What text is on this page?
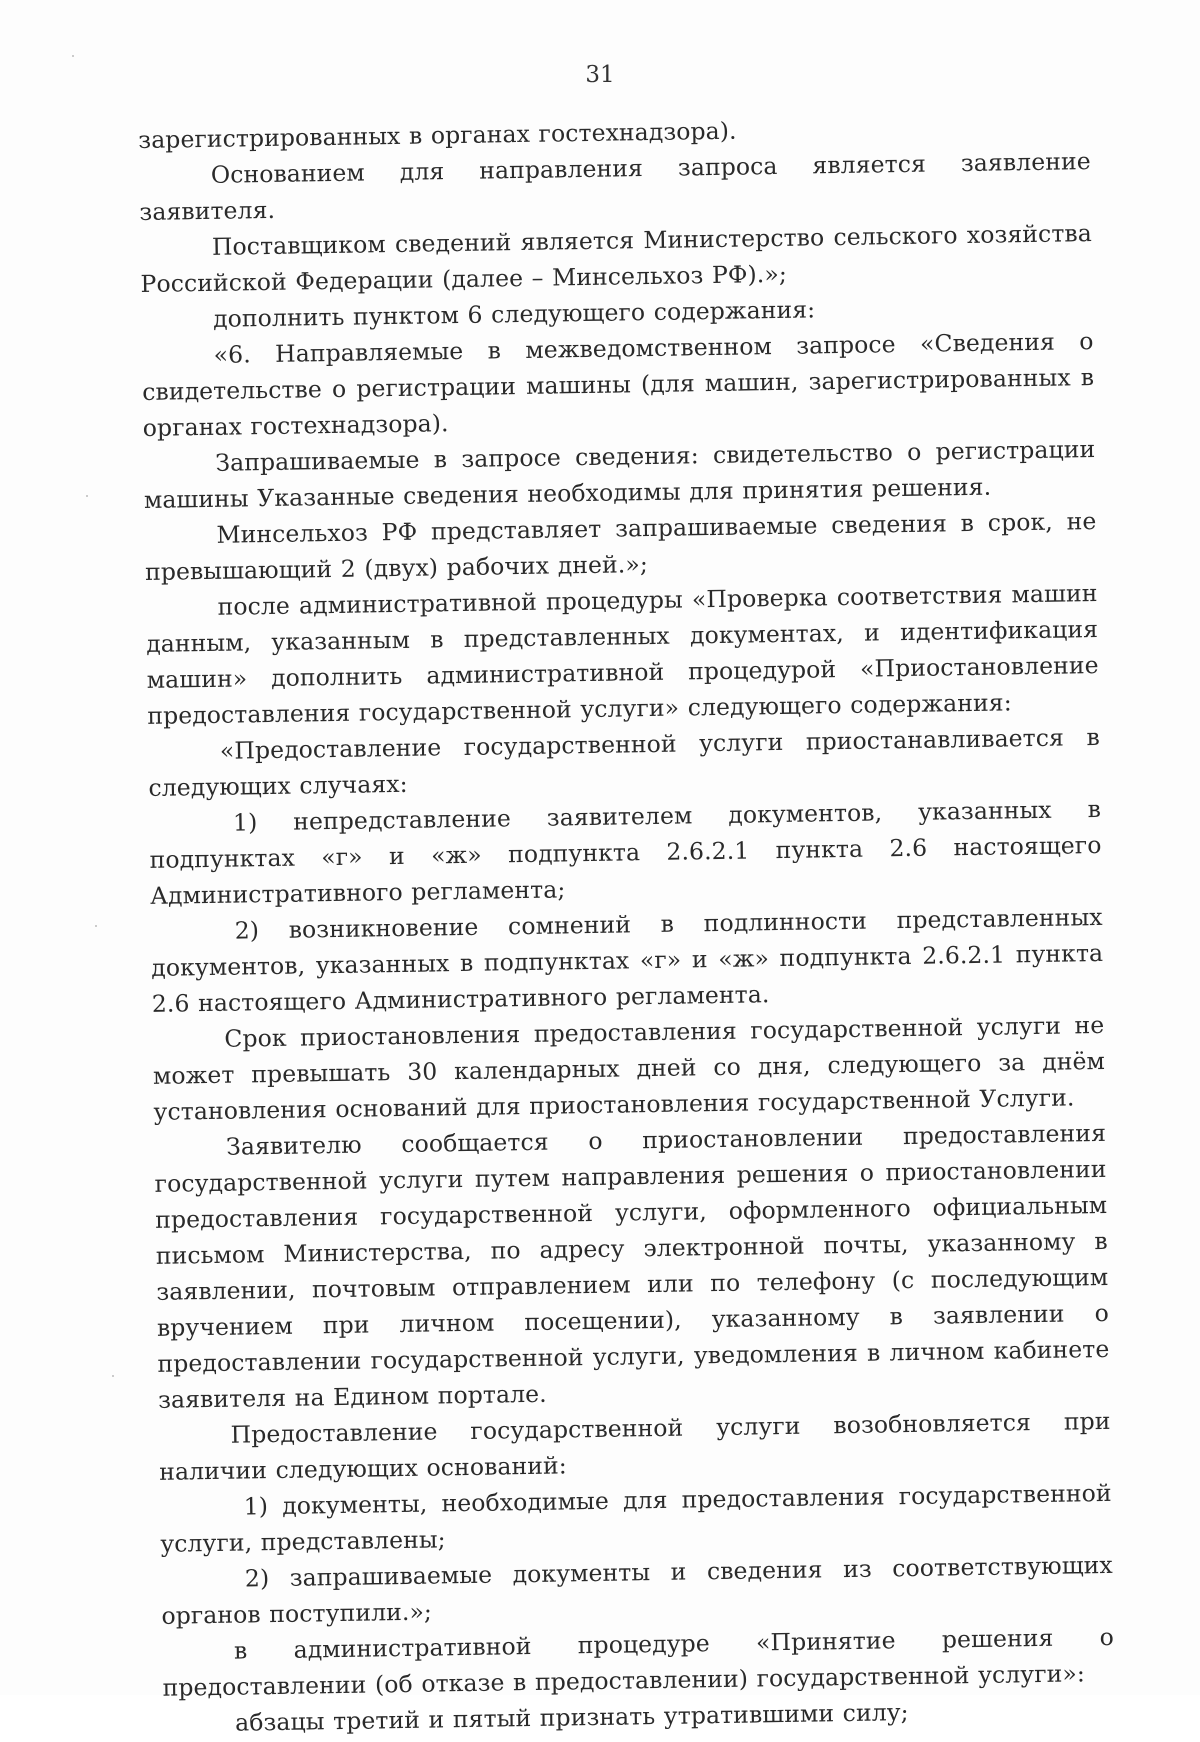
31

зарегистрированных в органах гостехнадзора).

Основанием для направления запроса является заявление заявителя.

Поставщиком сведений является Министерство сельского хозяйства Российской Федерации (далее – Минсельхоз РФ).»;

дополнить пунктом 6 следующего содержания:

«6. Направляемые в межведомственном запросе «Сведения о свидетельстве о регистрации машины (для машин, зарегистрированных в органах гостехнадзора).

Запрашиваемые в запросе сведения: свидетельство о регистрации машины Указанные сведения необходимы для принятия решения.

Минсельхоз РФ представляет запрашиваемые сведения в срок, не превышающий 2 (двух) рабочих дней.»;

после административной процедуры «Проверка соответствия машин данным, указанным в представленных документах, и идентификация машин» дополнить административной процедурой «Приостановление предоставления государственной услуги» следующего содержания:

«Предоставление государственной услуги приостанавливается в следующих случаях:

1) непредставление заявителем документов, указанных в подпунктах «г» и «ж» подпункта 2.6.2.1 пункта 2.6 настоящего Административного регламента;

2) возникновение сомнений в подлинности представленных документов, указанных в подпунктах «г» и «ж» подпункта 2.6.2.1 пункта 2.6 настоящего Административного регламента.

Срок приостановления предоставления государственной услуги не может превышать 30 календарных дней со дня, следующего за днём установления оснований для приостановления государственной Услуги.

Заявителю сообщается о приостановлении предоставления государственной услуги путем направления решения о приостановлении предоставления государственной услуги, оформленного официальным письмом Министерства, по адресу электронной почты, указанному в заявлении, почтовым отправлением или по телефону (с последующим вручением при личном посещении), указанному в заявлении о предоставлении государственной услуги, уведомления в личном кабинете заявителя на Едином портале.

Предоставление государственной услуги возобновляется при наличии следующих оснований:

1) документы, необходимые для предоставления государственной услуги, представлены;

2) запрашиваемые документы и сведения из соответствующих органов поступили.»;

в административной процедуре «Принятие решения о предоставлении (об отказе в предоставлении) государственной услуги»:

абзацы третий и пятый признать утратившими силу;
